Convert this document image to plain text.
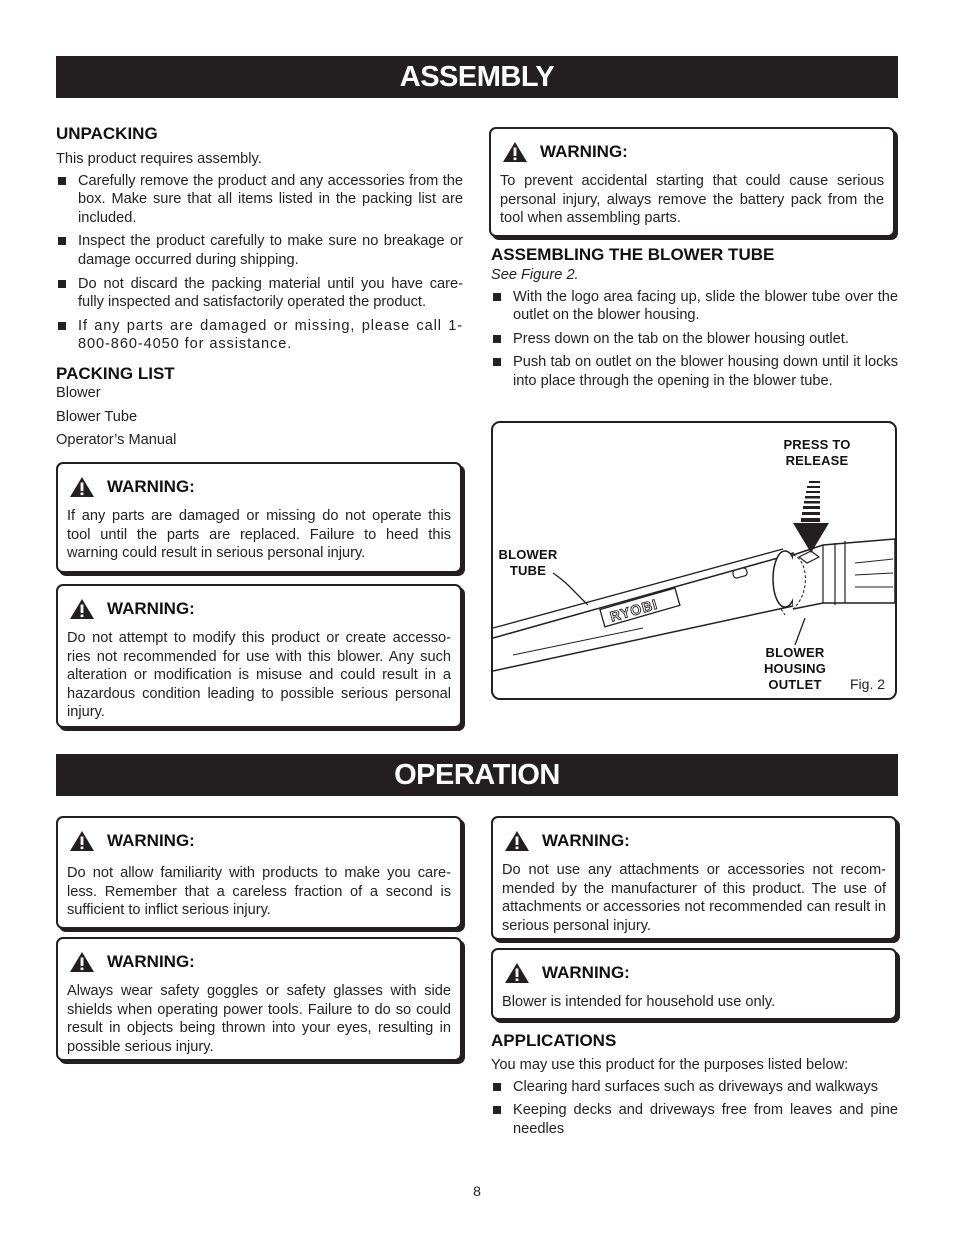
ASSEMBLY
UNPACKING

This product requires assembly.

Carefully remove the product and any accessories from the box. Make sure that all items listed in the packing list are included.
Inspect the product carefully to make sure no breakage or damage occurred during shipping.
Do not discard the packing material until you have care-fully inspected and satisfactorily operated the product.
If any parts are damaged or missing, please call 1-800-860-4050 for assistance.
PACKING LIST
Blower
Blower Tube
Operator’s Manual
WARNING:
To prevent accidental starting that could cause serious personal injury, always remove the battery pack from the tool when assembling parts.
ASSEMBLING THE BLOWER TUBE

See Figure 2.

With the logo area facing up, slide the blower tube over the outlet on the blower housing.
Press down on the tab on the blower housing outlet.
Push tab on outlet on the blower housing down until it locks into place through the opening in the blower tube.
RYOBI
PRESS TO
RELEASE
BLOWER
TUBE
BLOWER
HOUSING
OUTLET	Fig. 2
WARNING:
If any parts are damaged or missing do not operate this tool until the parts are replaced. Failure to heed this warning could result in serious personal injury.
WARNING:
Do not attempt to modify this product or create accesso-ries not recommended for use with this blower. Any such alteration or modification is misuse and could result in a hazardous condition leading to possible serious personal injury.
OPERATION
WARNING:
Do not allow familiarity with products to make you care-less. Remember that a careless fraction of a second is sufficient to inflict serious injury.
WARNING:
Always wear safety goggles or safety glasses with side shields when operating power tools. Failure to do so could result in objects being thrown into your eyes, resulting in possible serious injury.
WARNING:
Do not use any attachments or accessories not recom-mended by the manufacturer of this product. The use of attachments or accessories not recommended can result in serious personal injury.
WARNING:
Blower is intended for household use only.
APPLICATIONS

You may use this product for the purposes listed below:

Clearing hard surfaces such as driveways and walkways
Keeping decks and driveways free from leaves and pine needles
8
